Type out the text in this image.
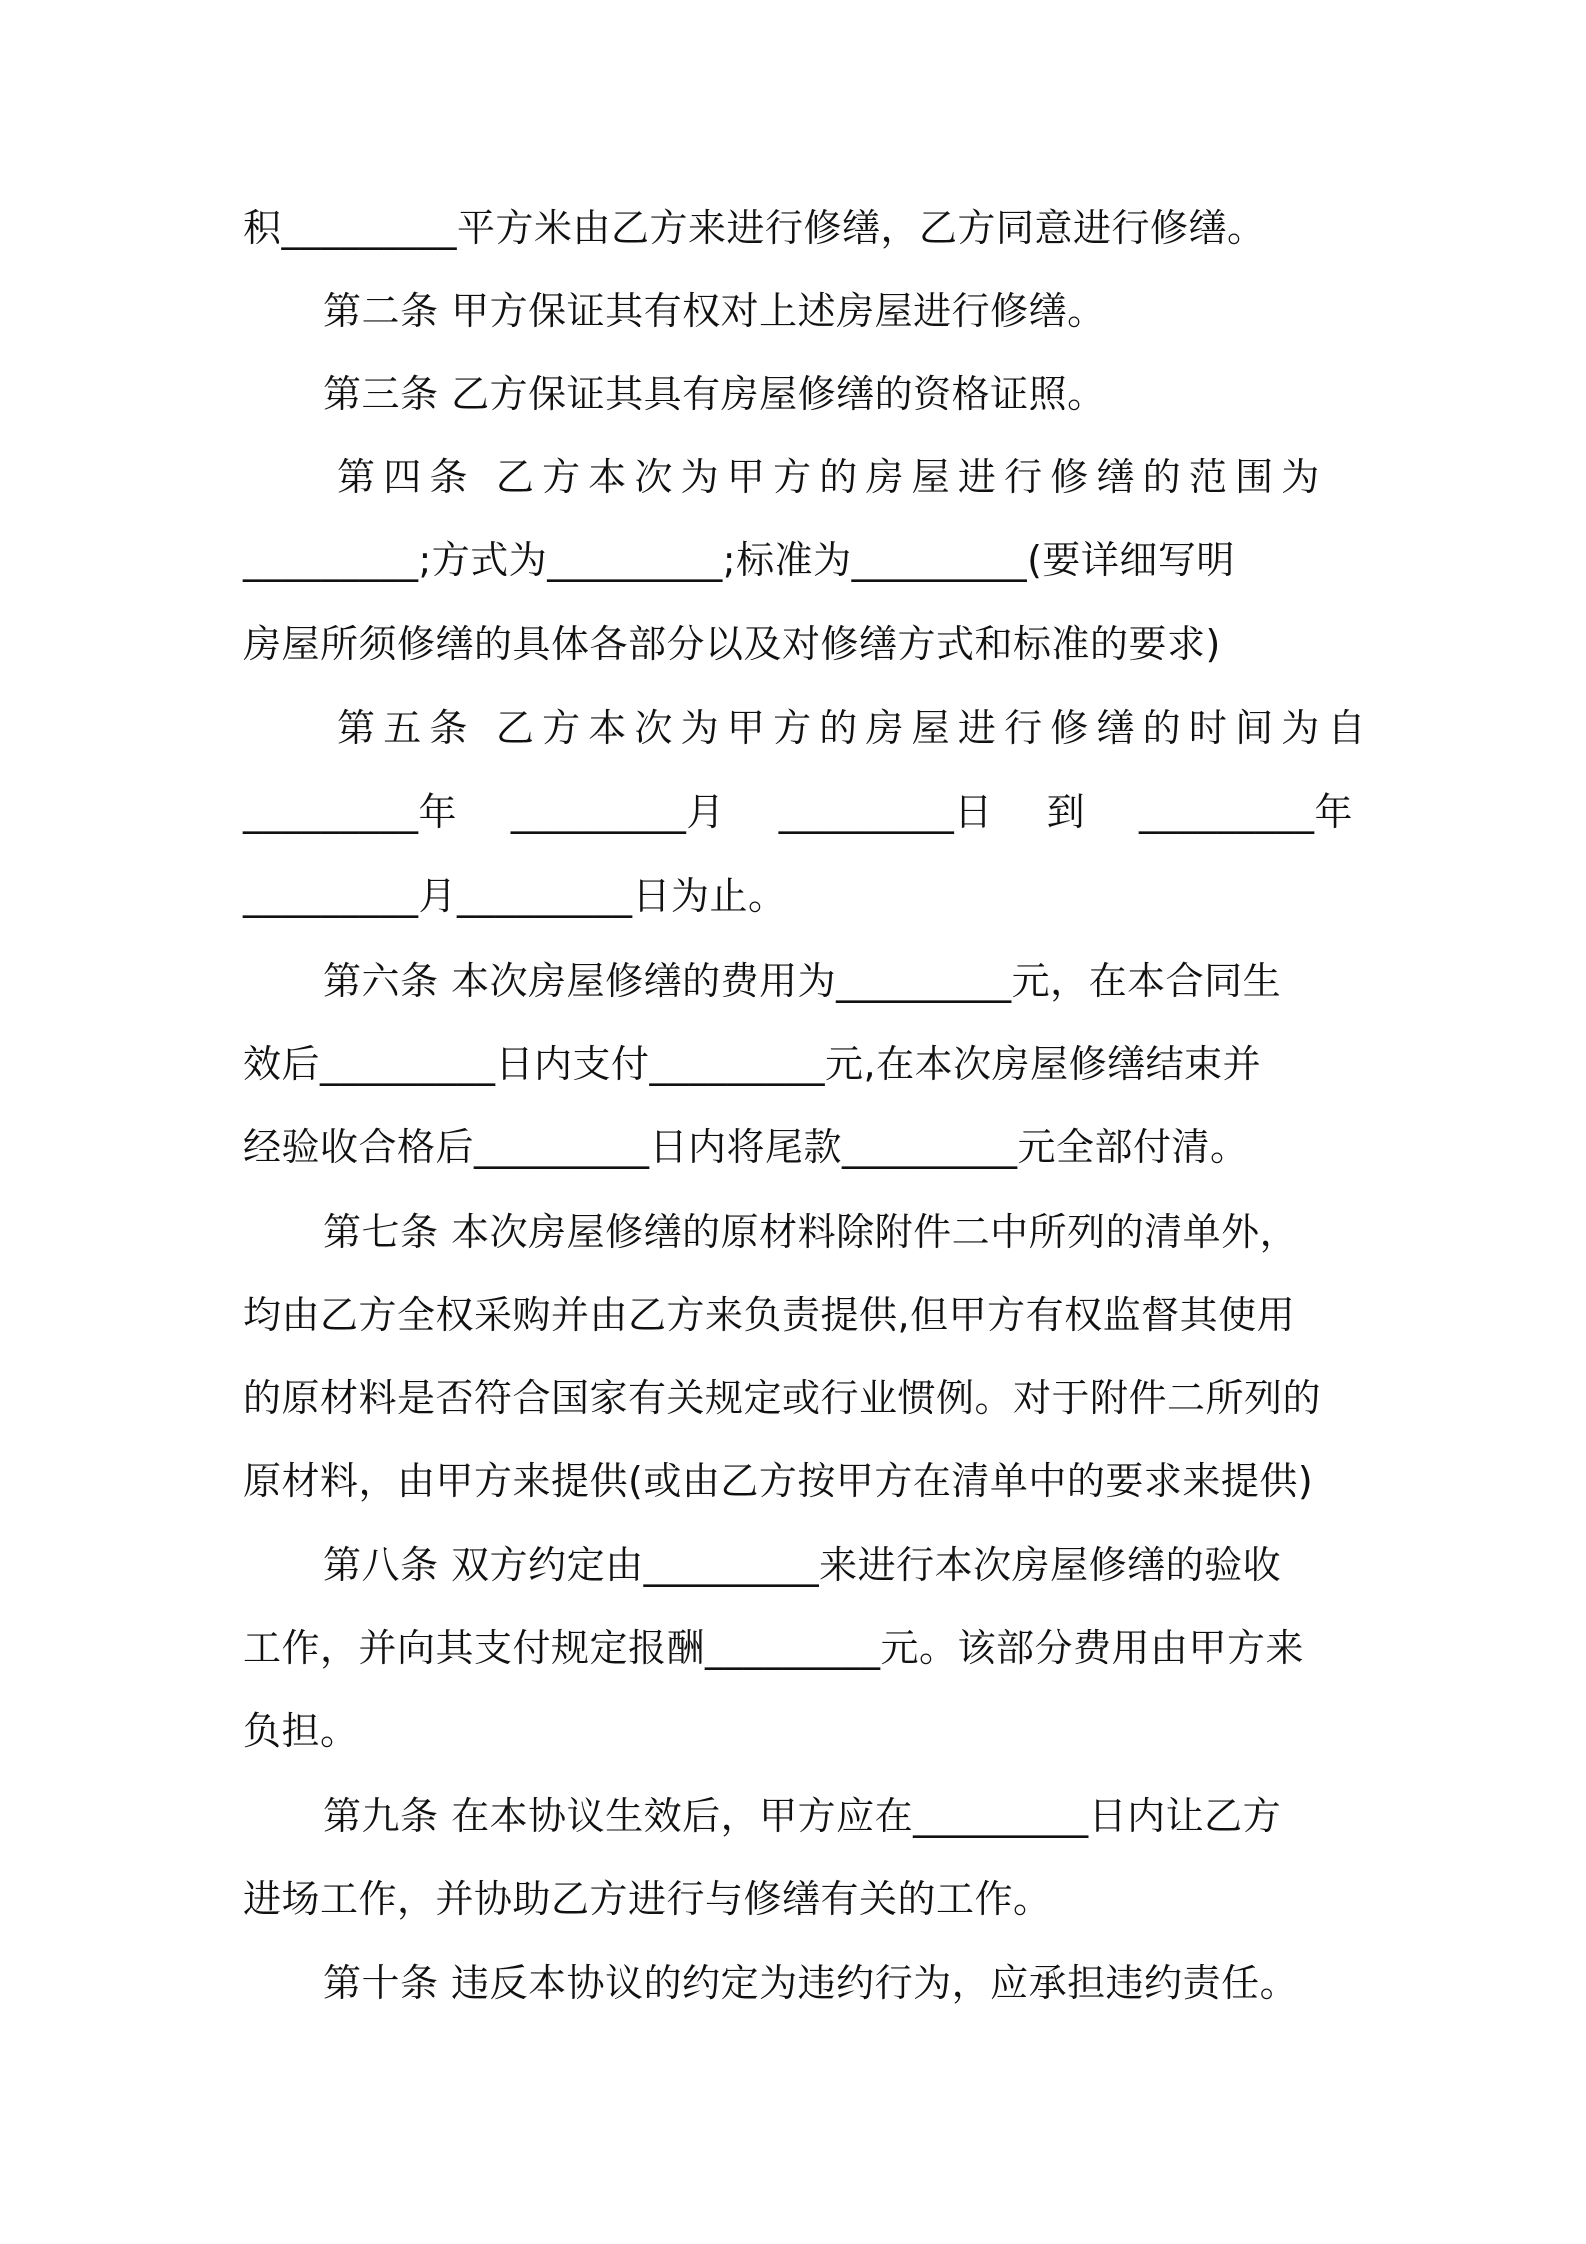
积_________平方米由乙方来进行修缮，乙方同意进行修缮。
第二条 甲方保证其有权对上述房屋进行修缮。
第三条 乙方保证其具有房屋修缮的资格证照。
第四条 乙方本次为甲方的房屋进行修缮的范围为
_________;方式为_________;标准为_________(要详细写明
房屋所须修缮的具体各部分以及对修缮方式和标准的要求)
第五条 乙方本次为甲方的房屋进行修缮的时间为自
_________年 _________月 _________日 到 _________年
_________月_________日为止。
第六条 本次房屋修缮的费用为_________元，在本合同生
效后_________日内支付_________元,在本次房屋修缮结束并
经验收合格后_________日内将尾款_________元全部付清。
第七条 本次房屋修缮的原材料除附件二中所列的清单外，
均由乙方全权采购并由乙方来负责提供,但甲方有权监督其使用
的原材料是否符合国家有关规定或行业惯例。对于附件二所列的
原材料，由甲方来提供(或由乙方按甲方在清单中的要求来提供)
第八条 双方约定由_________来进行本次房屋修缮的验收
工作，并向其支付规定报酬_________元。该部分费用由甲方来
负担。
第九条 在本协议生效后，甲方应在_________日内让乙方
进场工作，并协助乙方进行与修缮有关的工作。
第十条 违反本协议的约定为违约行为，应承担违约责任。
